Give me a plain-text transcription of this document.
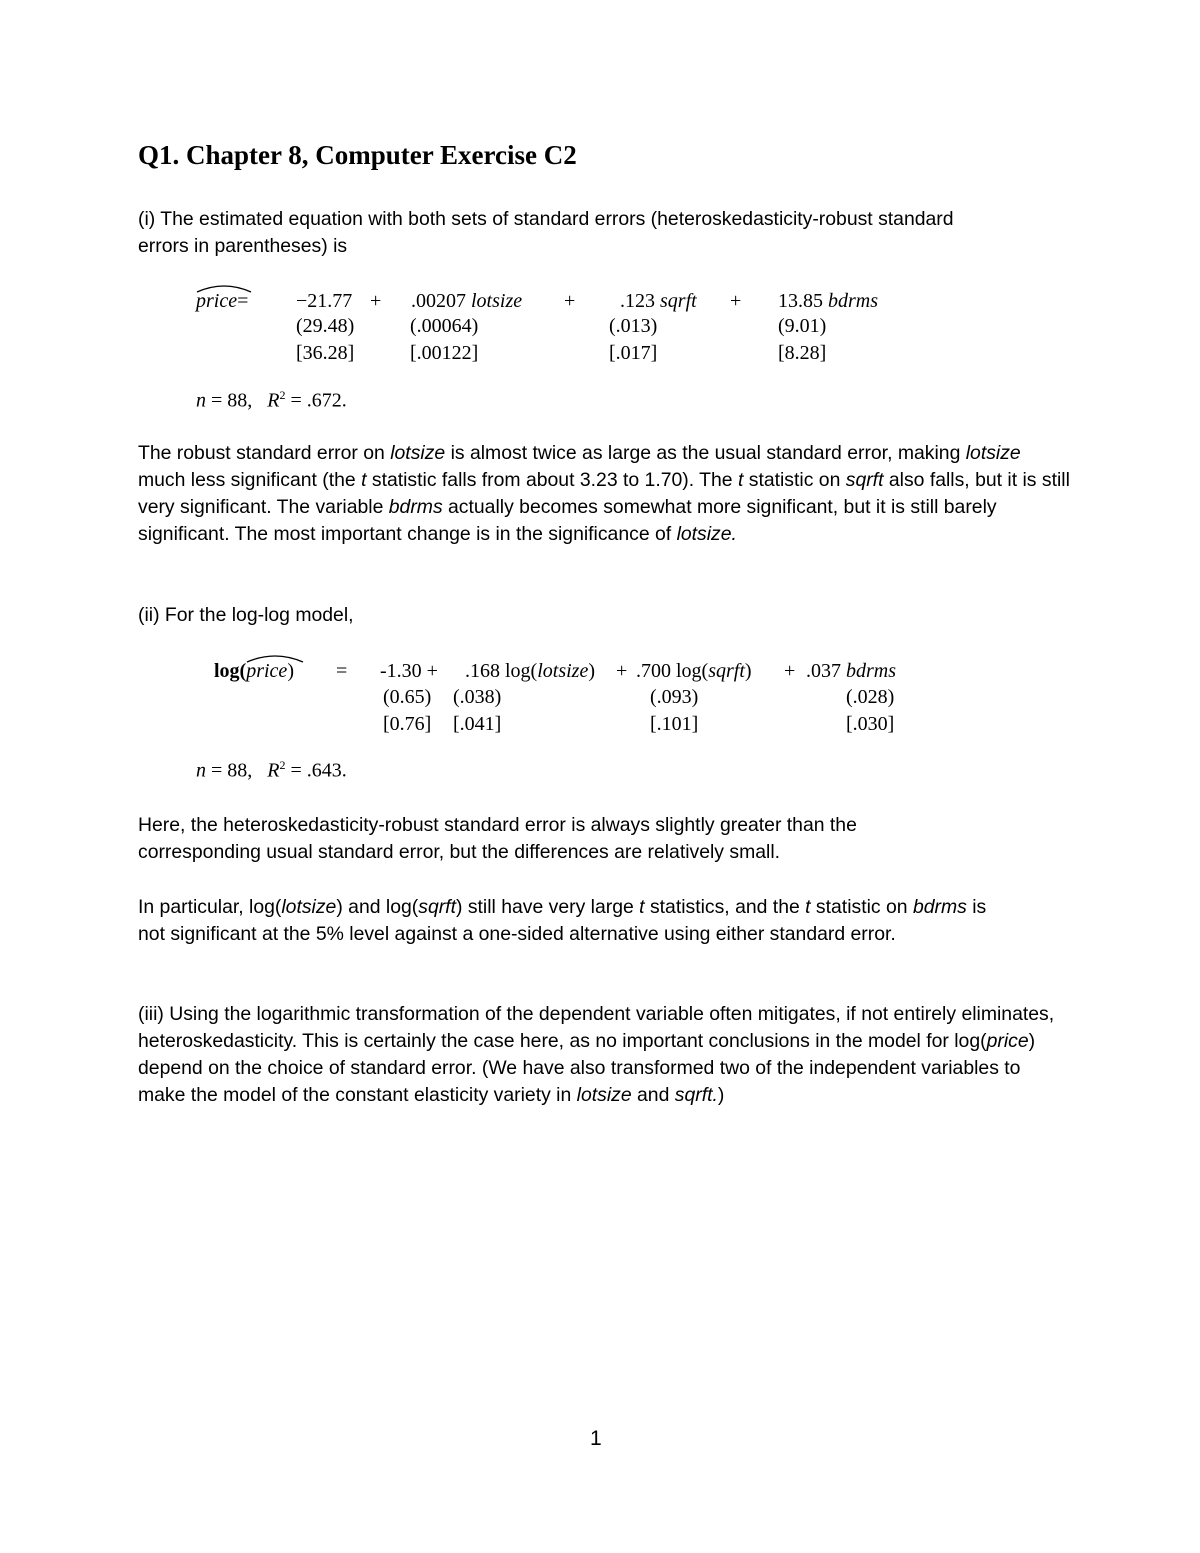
Q1. Chapter 8, Computer Exercise C2

(i) The estimated equation with both sets of standard errors (heteroskedasticity-robust standard
errors in parentheses) is

price= −21.77 + .00207 lotsize + .123 sqrft + 13.85 bdrms
(29.48)	(.00064)	(.013)	(9.01)
[36.28]	[.00122]	[.017]	[8.28]
n = 88, $R^2 = .672$.

The robust standard error on lotsize is almost twice as large as the usual standard error, making lotsize much less significant (the t statistic falls from about 3.23 to 1.70). The t statistic on sqrft also falls, but it is still very significant. The variable bdrms actually becomes somewhat more significant, but it is still barely significant. The most important change is in the significance of lotsize.

(ii) For the log-log model,

log(
price) = -1.30 + .168 log(lotsize) + .700 log(sqrft) + .037 bdrms
(0.65) (.038)	(.093)	(.028)
[0.76] [.041]	[.101]	[.030]
n = 88, $R^2 = .643$.

Here, the heteroskedasticity-robust standard error is always slightly greater than the corresponding usual standard error, but the differences are relatively small.

In particular, log(lotsize) and log(sqrft) still have very large t statistics, and the t statistic on bdrms is not significant at the 5% level against a one-sided alternative using either standard error.

(iii) Using the logarithmic transformation of the dependent variable often mitigates, if not entirely eliminates, heteroskedasticity. This is certainly the case here, as no important conclusions in the model for log(price) depend on the choice of standard error. (We have also transformed two of the independent variables to make the model of the constant elasticity variety in lotsize and sqrft.)

1
